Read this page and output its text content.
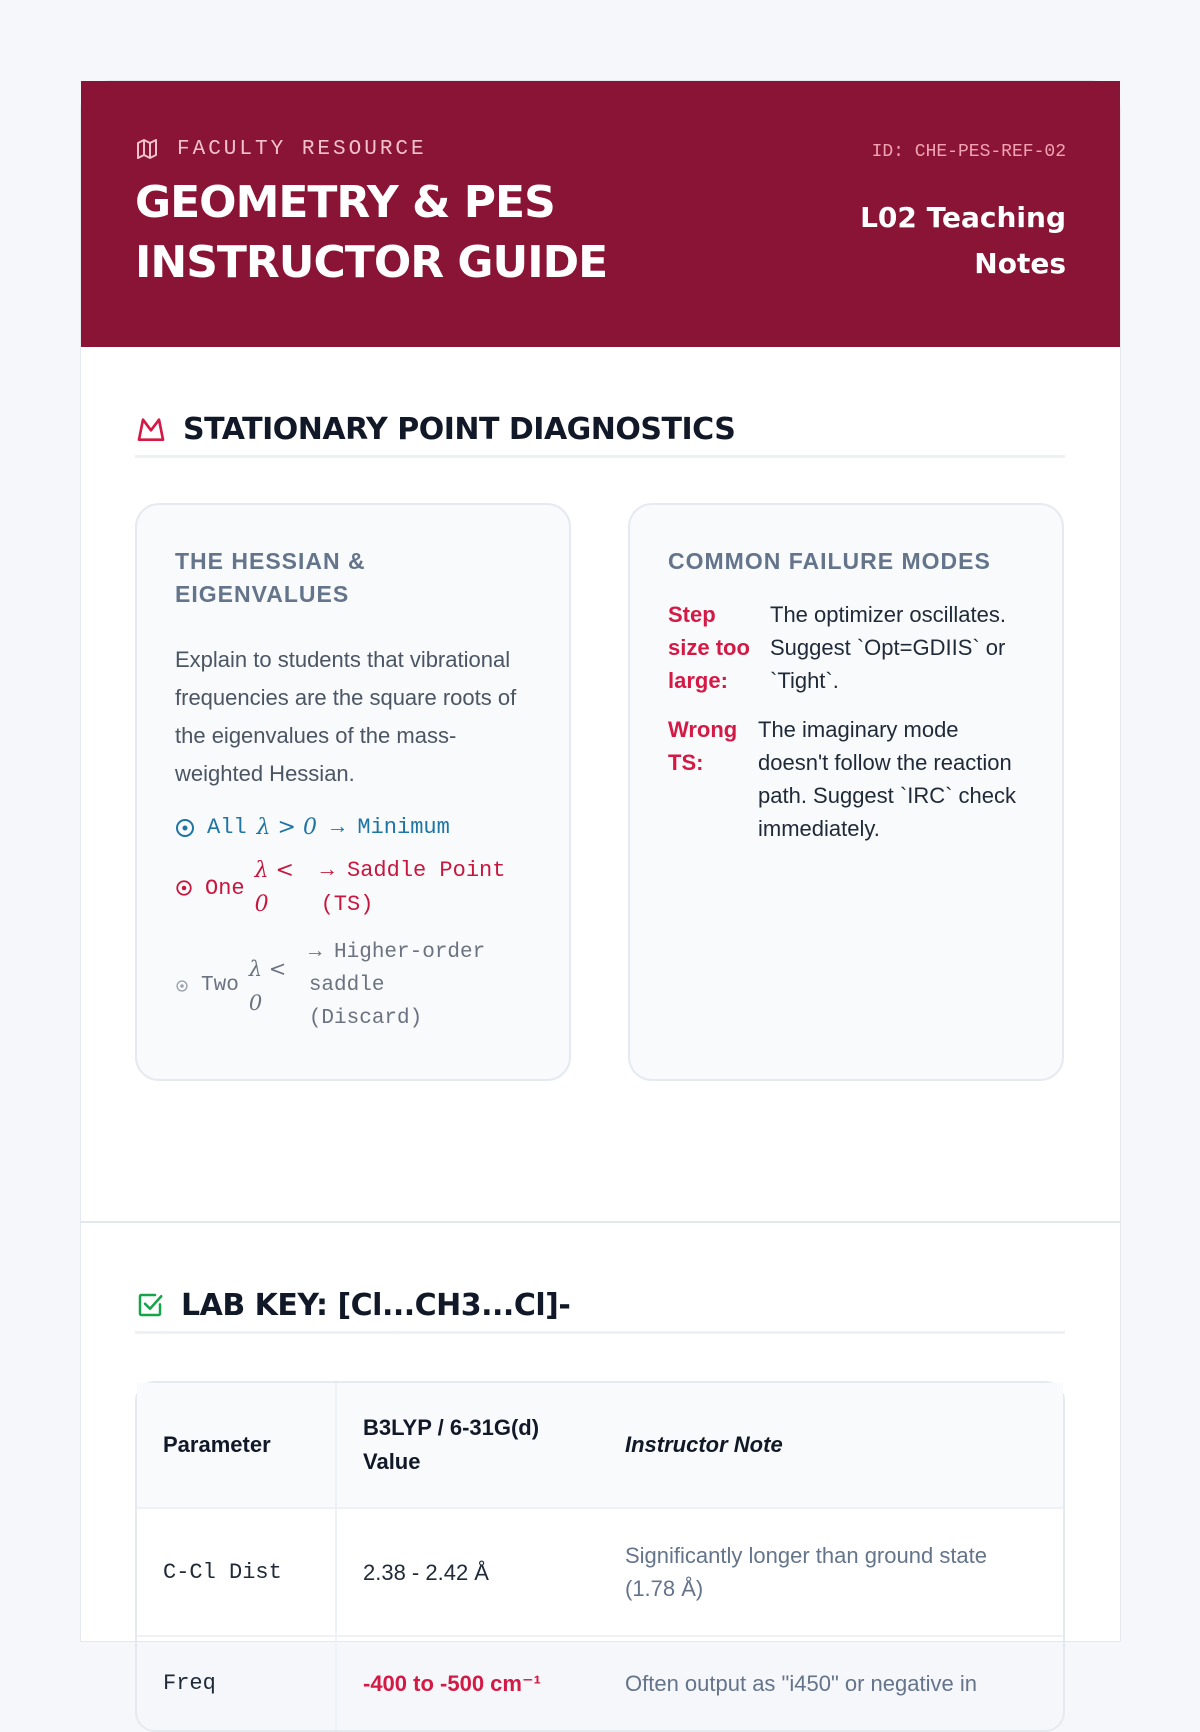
FACULTY RESOURCE
GEOMETRY & PES INSTRUCTOR GUIDE
ID: CHE-PES-REF-02
L02 Teaching Notes
STATIONARY POINT DIAGNOSTICS
THE HESSIAN & EIGENVALUES

Explain to students that vibrational frequencies are the square roots of the eigenvalues of the mass-weighted Hessian.

All λ > 0 → Minimum
One
λ < 0
→ Saddle Point (TS)
Two
λ < 0
→ Higher-order saddle (Discard)
COMMON FAILURE MODES
Step size too large:
The optimizer oscillates. Suggest `Opt=GDIIS` or `Tight`.
Wrong TS:
The imaginary mode doesn't follow the reaction path. Suggest `IRC` check immediately.
LAB KEY: [Cl...CH3...Cl]-
Parameter	B3LYP / 6-31G(d) Value	Instructor Note
C-Cl Dist	2.38 - 2.42 Å	Significantly longer than ground state (1.78 Å)
Freq	-400 to -500 cm⁻¹	Often output as "i450" or negative in
